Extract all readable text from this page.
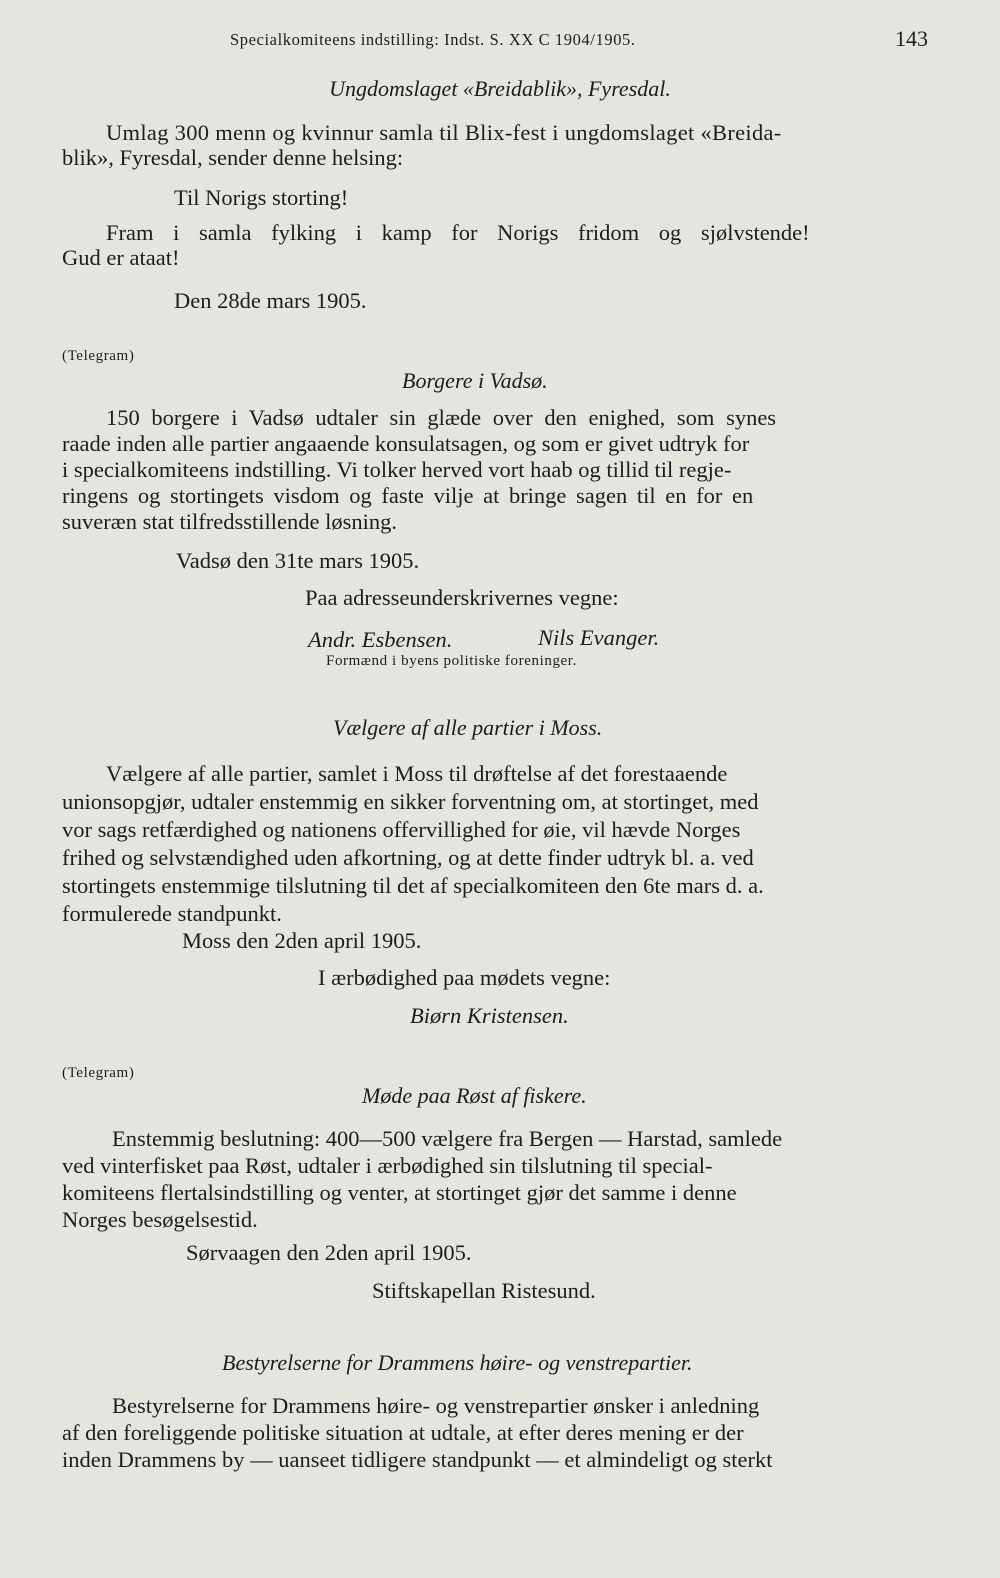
Specialkomiteens indstilling: Indst. S. XX C 1904/1905.	143
Ungdomslaget «Breidablik», Fyresdal.
Umlag 300 menn og kvinnur samla til Blix-fest i ungdomslaget «Breida-
blik», Fyresdal, sender denne helsing:
Til Norigs storting!
Fram i samla fylking i kamp for Norigs fridom og sjølvstende!
Gud er ataat!
Den 28de mars 1905.
(Telegram)
Borgere i Vadsø.
150 borgere i Vadsø udtaler sin glæde over den enighed, som synes
raade inden alle partier angaaende konsulatsagen, og som er givet udtryk for
i specialkomiteens indstilling. Vi tolker herved vort haab og tillid til regje-
ringens og stortingets visdom og faste vilje at bringe sagen til en for en
suveræn stat tilfredsstillende løsning.
Vadsø den 31te mars 1905.
Paa adresseunderskrivernes vegne:
Andr. Esbensen.	Nils Evanger.
Formænd i byens politiske foreninger.
Vælgere af alle partier i Moss.
Vælgere af alle partier, samlet i Moss til drøftelse af det forestaaende
unionsopgjør, udtaler enstemmig en sikker forventning om, at stortinget, med
vor sags retfærdighed og nationens offervillighed for øie, vil hævde Norges
frihed og selvstændighed uden afkortning, og at dette finder udtryk bl. a. ved
stortingets enstemmige tilslutning til det af specialkomiteen den 6te mars d. a.
formulerede standpunkt.
Moss den 2den april 1905.
I ærbødighed paa mødets vegne:
Biørn Kristensen.
(Telegram)
Møde paa Røst af fiskere.
Enstemmig beslutning: 400—500 vælgere fra Bergen — Harstad, samlede
ved vinterfisket paa Røst, udtaler i ærbødighed sin tilslutning til special-
komiteens flertalsindstilling og venter, at stortinget gjør det samme i denne
Norges besøgelsestid.
Sørvaagen den 2den april 1905.
Stiftskapellan Ristesund.
Bestyrelserne for Drammens høire- og venstrepartier.
Bestyrelserne for Drammens høire- og venstrepartier ønsker i anledning
af den foreliggende politiske situation at udtale, at efter deres mening er der
inden Drammens by — uanseet tidligere standpunkt — et almindeligt og sterkt
